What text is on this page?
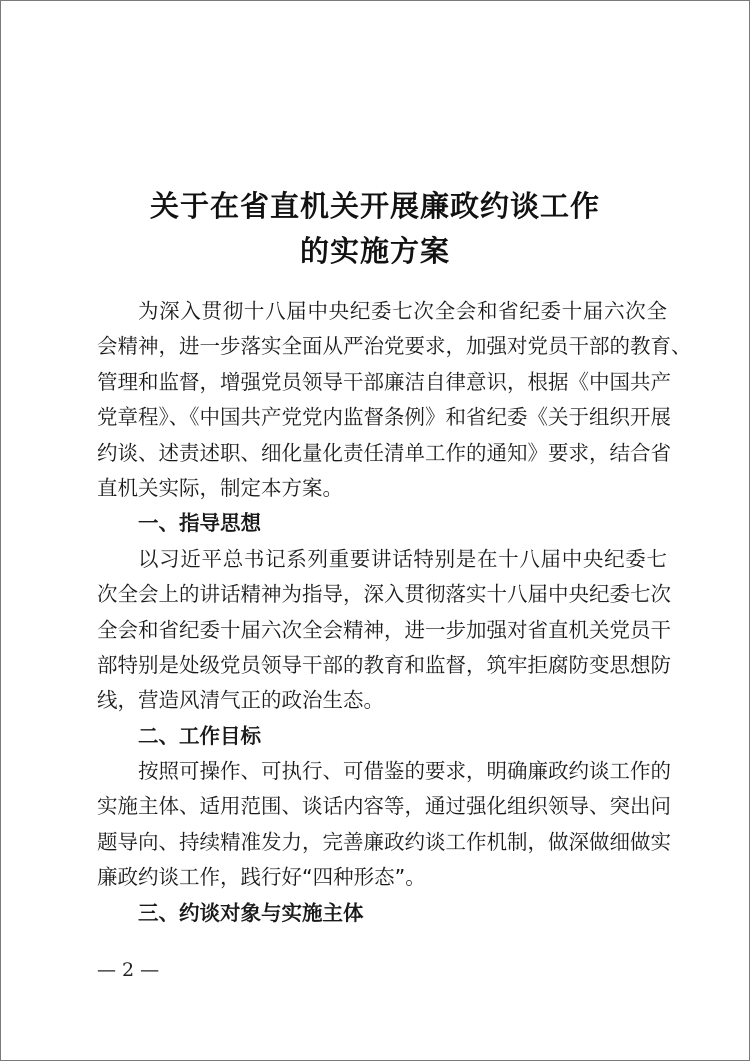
关于在省直机关开展廉政约谈工作
的实施方案
为深入贯彻十八届中央纪委七次全会和省纪委十届六次全
会精神，进一步落实全面从严治党要求，加强对党员干部的教育、
管理和监督，增强党员领导干部廉洁自律意识，根据《中国共产
党章程》、《中国共产党党内监督条例》和省纪委《关于组织开展
约谈、述责述职、细化量化责任清单工作的通知》要求，结合省
直机关实际，制定本方案。
一、指导思想
以习近平总书记系列重要讲话特别是在十八届中央纪委七
次全会上的讲话精神为指导，深入贯彻落实十八届中央纪委七次
全会和省纪委十届六次全会精神，进一步加强对省直机关党员干
部特别是处级党员领导干部的教育和监督，筑牢拒腐防变思想防
线，营造风清气正的政治生态。
二、工作目标
按照可操作、可执行、可借鉴的要求，明确廉政约谈工作的
实施主体、适用范围、谈话内容等，通过强化组织领导、突出问
题导向、持续精准发力，完善廉政约谈工作机制，做深做细做实
廉政约谈工作，践行好“四种形态”。
三、约谈对象与实施主体
— 2 —
